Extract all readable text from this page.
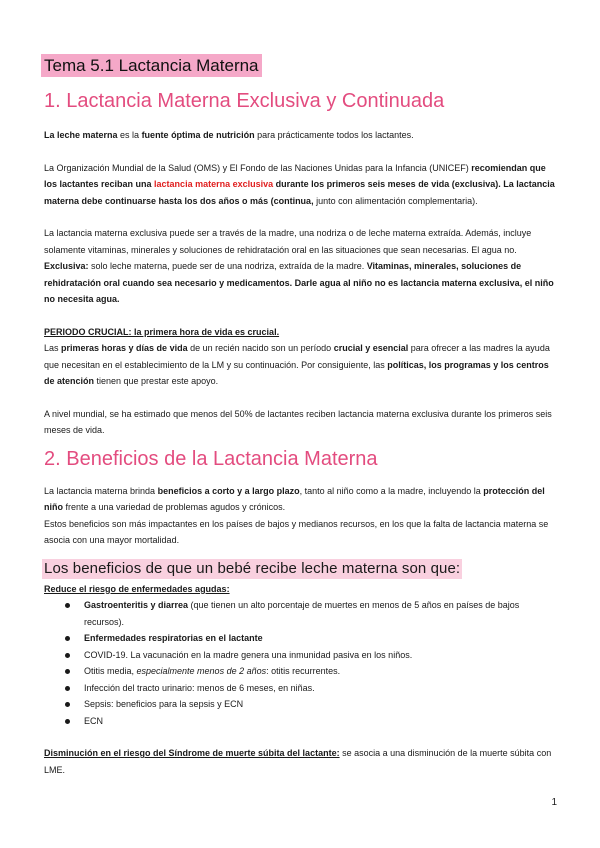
Tema 5.1 Lactancia Materna
1. Lactancia Materna Exclusiva y Continuada

La leche materna es la fuente óptima de nutrición para prácticamente todos los lactantes.

La Organización Mundial de la Salud (OMS) y El Fondo de las Naciones Unidas para la Infancia (UNICEF) recomiendan que los lactantes reciban una lactancia materna exclusiva durante los primeros seis meses de vida (exclusiva). La lactancia materna debe continuarse hasta los dos años o más (continua, junto con alimentación complementaria).

La lactancia materna exclusiva puede ser a través de la madre, una nodriza o de leche materna extraída. Además, incluye solamente vitaminas, minerales y soluciones de rehidratación oral en las situaciones que sean necesarias. El agua no. Exclusiva: solo leche materna, puede ser de una nodriza, extraída de la madre. Vitaminas, minerales, soluciones de rehidratación oral cuando sea necesario y medicamentos. Darle agua al niño no es lactancia materna exclusiva, el niño no necesita agua.

PERIODO CRUCIAL: la primera hora de vida es crucial.

Las primeras horas y días de vida de un recién nacido son un período crucial y esencial para ofrecer a las madres la ayuda que necesitan en el establecimiento de la LM y su continuación. Por consiguiente, las políticas, los programas y los centros de atención tienen que prestar este apoyo.

A nivel mundial, se ha estimado que menos del 50% de lactantes reciben lactancia materna exclusiva durante los primeros seis meses de vida.

2. Beneficios de la Lactancia Materna

La lactancia materna brinda beneficios a corto y a largo plazo, tanto al niño como a la madre, incluyendo la protección del niño frente a una variedad de problemas agudos y crónicos.

Estos beneficios son más impactantes en los países de bajos y medianos recursos, en los que la falta de lactancia materna se asocia con una mayor mortalidad.

Los beneficios de que un bebé recibe leche materna son que:

Reduce el riesgo de enfermedades agudas:

Gastroenteritis y diarrea (que tienen un alto porcentaje de muertes en menos de 5 años en países de bajos recursos).
Enfermedades respiratorias en el lactante
COVID-19. La vacunación en la madre genera una inmunidad pasiva en los niños.
Otitis media, especialmente menos de 2 años: otitis recurrentes.
Infección del tracto urinario: menos de 6 meses, en niñas.
Sepsis: beneficios para la sepsis y ECN
ECN

Disminución en el riesgo del Síndrome de muerte súbita del lactante: se asocia a una disminución de la muerte súbita con LME.

1
